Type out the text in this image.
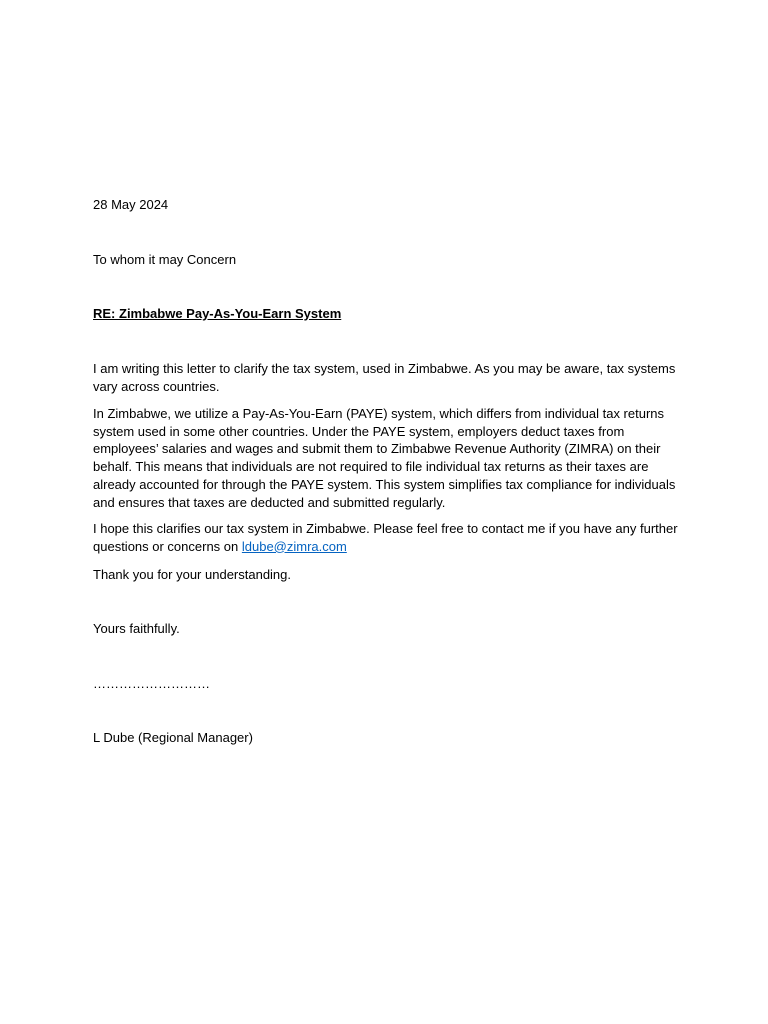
28 May 2024

To whom it may Concern

RE: Zimbabwe Pay-As-You-Earn System

I am writing this letter to clarify the tax system, used in Zimbabwe. As you may be aware, tax systems vary across countries.

In Zimbabwe, we utilize a Pay-As-You-Earn (PAYE) system, which differs from individual tax returns system used in some other countries. Under the PAYE system, employers deduct taxes from employees’ salaries and wages and submit them to Zimbabwe Revenue Authority (ZIMRA) on their behalf. This means that individuals are not required to file individual tax returns as their taxes are already accounted for through the PAYE system. This system simplifies tax compliance for individuals and ensures that taxes are deducted and submitted regularly.

I hope this clarifies our tax system in Zimbabwe. Please feel free to contact me if you have any further questions or concerns on ldube@zimra.com

Thank you for your understanding.

Yours faithfully.

………………………

L Dube (Regional Manager)
